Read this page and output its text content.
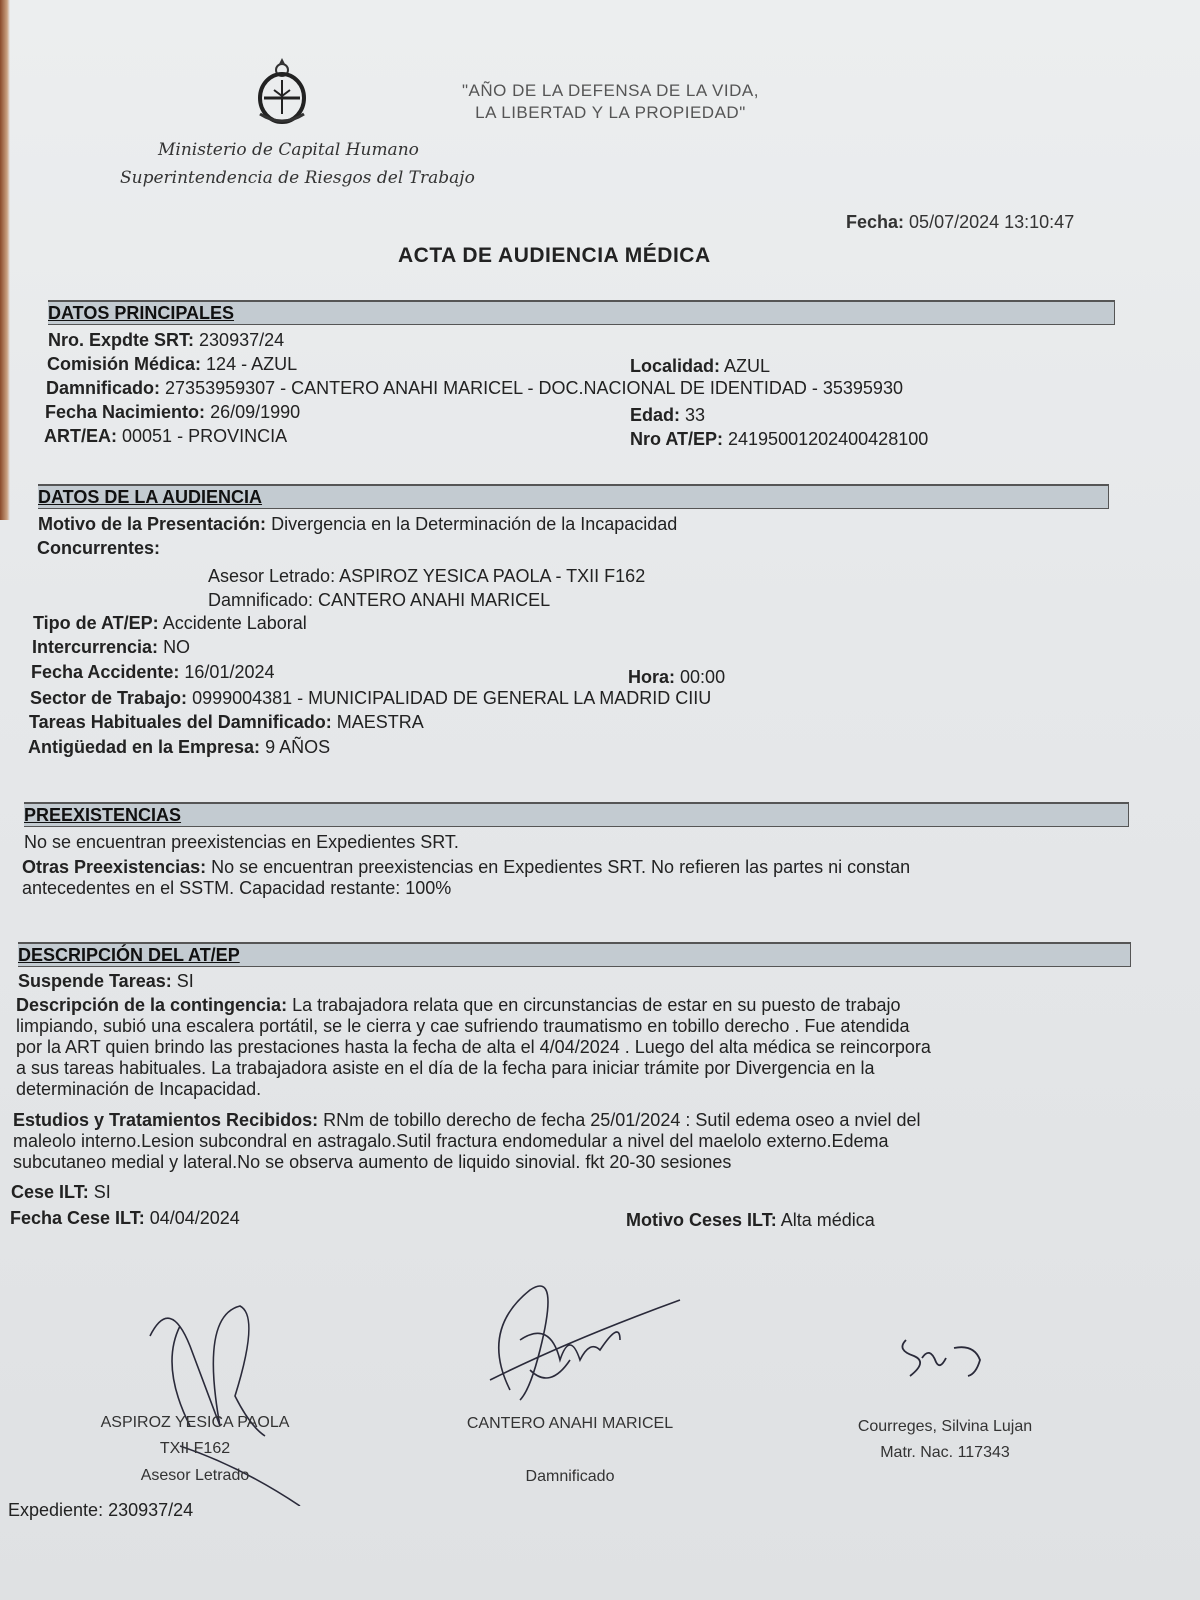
Ministerio de Capital Humano
Superintendencia de Riesgos del Trabajo
"AÑO DE LA DEFENSA DE LA VIDA,
LA LIBERTAD Y LA PROPIEDAD"
Fecha: 05/07/2024 13:10:47
ACTA DE AUDIENCIA MÉDICA
DATOS PRINCIPALES
Nro. Expdte SRT: 230937/24
Comisión Médica: 124 - AZUL	Localidad: AZUL
Damnificado: 27353959307 - CANTERO ANAHI MARICEL - DOC.NACIONAL DE IDENTIDAD - 35395930
Fecha Nacimiento: 26/09/1990	Edad: 33
ART/EA: 00051 - PROVINCIA	Nro AT/EP: 24195001202400428100
DATOS DE LA AUDIENCIA
Motivo de la Presentación: Divergencia en la Determinación de la Incapacidad
Concurrentes:
Asesor Letrado: ASPIROZ YESICA PAOLA - TXII F162
Damnificado: CANTERO ANAHI MARICEL
Tipo de AT/EP: Accidente Laboral
Intercurrencia: NO
Fecha Accidente: 16/01/2024	Hora: 00:00
Sector de Trabajo: 0999004381 - MUNICIPALIDAD DE GENERAL LA MADRID CIIU
Tareas Habituales del Damnificado: MAESTRA
Antigüedad en la Empresa: 9 AÑOS
PREEXISTENCIAS
No se encuentran preexistencias en Expedientes SRT.
Otras Preexistencias: No se encuentran preexistencias en Expedientes SRT. No refieren las partes ni constan
antecedentes en el SSTM. Capacidad restante: 100%
DESCRIPCIÓN DEL AT/EP
Suspende Tareas: SI
Descripción de la contingencia: La trabajadora relata que en circunstancias de estar en su puesto de trabajo
limpiando, subió una escalera portátil, se le cierra y cae sufriendo traumatismo en tobillo derecho . Fue atendida
por la ART quien brindo las prestaciones hasta la fecha de alta el 4/04/2024 . Luego del alta médica se reincorpora
a sus tareas habituales. La trabajadora asiste en el día de la fecha para iniciar trámite por Divergencia en la
determinación de Incapacidad.
Estudios y Tratamientos Recibidos: RNm de tobillo derecho de fecha 25/01/2024 : Sutil edema oseo a nviel del
maleolo interno.Lesion subcondral en astragalo.Sutil fractura endomedular a nivel del maelolo externo.Edema
subcutaneo medial y lateral.No se observa aumento de liquido sinovial. fkt 20-30 sesiones
Cese ILT: SI
Fecha Cese ILT: 04/04/2024	Motivo Ceses ILT: Alta médica
ASPIROZ YESICA PAOLA
TXII F162
Asesor Letrado
CANTERO ANAHI MARICEL
Damnificado
Courreges, Silvina Lujan
Matr. Nac. 117343
Expediente: 230937/24
